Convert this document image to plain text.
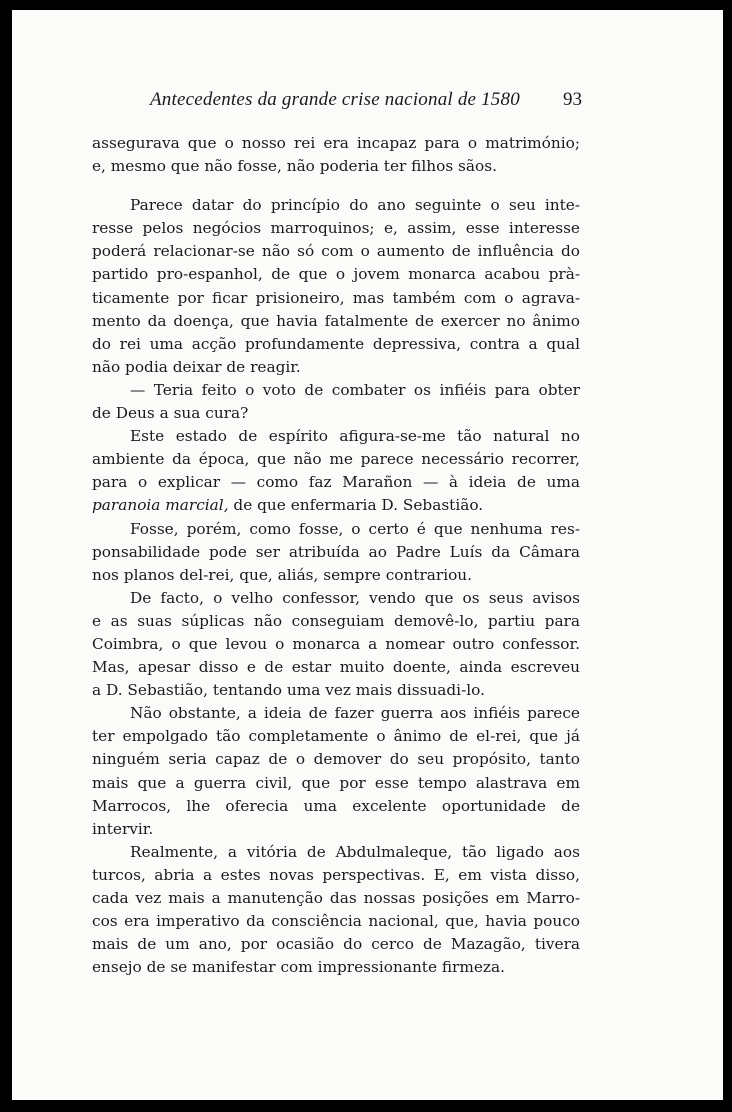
Antecedentes da grande crise nacional de 1580 93
assegurava que o nosso rei era incapaz para o matrimónio;
e, mesmo que não fosse, não poderia ter filhos sãos.
Parece datar do princípio do ano seguinte o seu inte-
resse pelos negócios marroquinos; e, assim, esse interesse
poderá relacionar-se não só com o aumento de influência do
partido pro-espanhol, de que o jovem monarca acabou prà-
ticamente por ficar prisioneiro, mas também com o agrava-
mento da doença, que havia fatalmente de exercer no ânimo
do rei uma acção profundamente depressiva, contra a qual
não podia deixar de reagir.
— Teria feito o voto de combater os infiéis para obter
de Deus a sua cura?
Este estado de espírito afigura-se-me tão natural no
ambiente da época, que não me parece necessário recorrer,
para o explicar — como faz Marañon — à ideia de uma
paranoia marcial, de que enfermaria D. Sebastião.
Fosse, porém, como fosse, o certo é que nenhuma res-
ponsabilidade pode ser atribuída ao Padre Luís da Câmara
nos planos del-rei, que, aliás, sempre contrariou.
De facto, o velho confessor, vendo que os seus avisos
e as suas súplicas não conseguiam demovê-lo, partiu para
Coimbra, o que levou o monarca a nomear outro confessor.
Mas, apesar disso e de estar muito doente, ainda escreveu
a D. Sebastião, tentando uma vez mais dissuadi-lo.
Não obstante, a ideia de fazer guerra aos infiéis parece
ter empolgado tão completamente o ânimo de el-rei, que já
ninguém seria capaz de o demover do seu propósito, tanto
mais que a guerra civil, que por esse tempo alastrava em
Marrocos, lhe oferecia uma excelente oportunidade de
intervir.
Realmente, a vitória de Abdulmaleque, tão ligado aos
turcos, abria a estes novas perspectivas. E, em vista disso,
cada vez mais a manutenção das nossas posições em Marro-
cos era imperativo da consciência nacional, que, havia pouco
mais de um ano, por ocasião do cerco de Mazagão, tivera
ensejo de se manifestar com impressionante firmeza.
